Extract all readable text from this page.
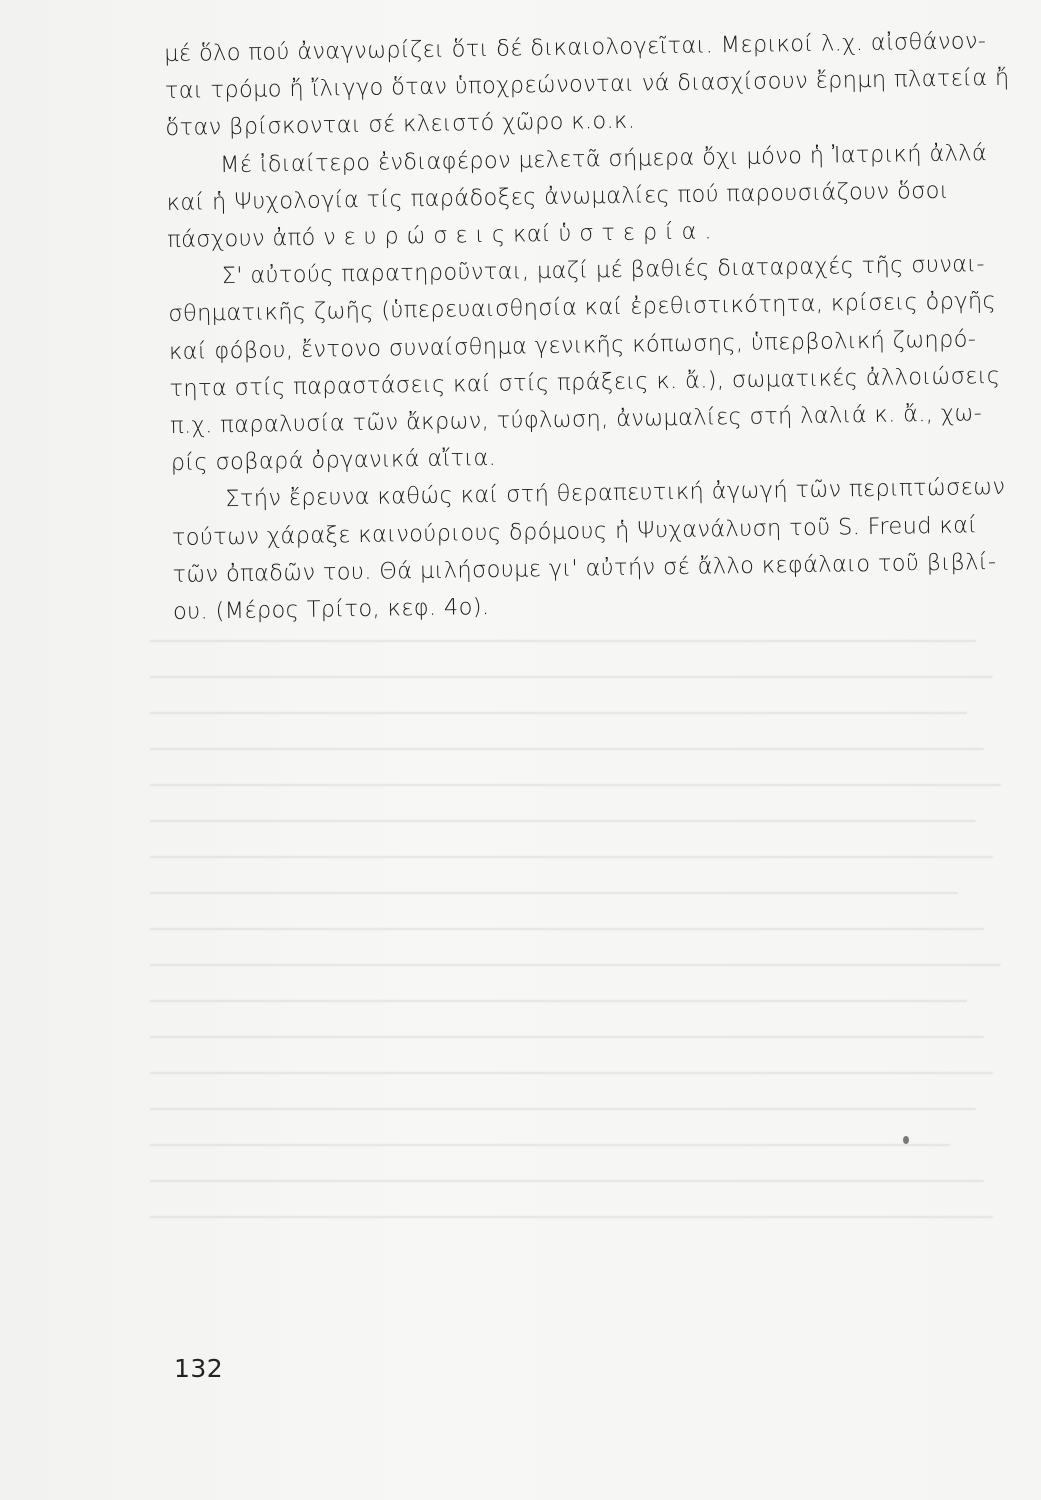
μέ ὅλο πού ἀναγνωρίζει ὅτι δέ δικαιολογεῖται. Μερικοί λ.χ. αἰσθάνον-
ται τρόμο ἤ ἴλιγγο ὅταν ὑποχρεώνονται νά διασχίσουν ἔρημη πλατεία ἤ
ὅταν βρίσκονται σέ κλειστό χῶρο κ.ο.κ.

Μέ ἰδιαίτερο ἐνδιαφέρον μελετᾶ σήμερα ὄχι μόνο ἡ Ἰατρική ἀλλά
καί ἡ Ψυχολογία τίς παράδοξες ἀνωμαλίες πού παρουσιάζουν ὅσοι
πάσχουν ἀπό ν ε υ ρ ώ σ ε ι ς καί ὑ σ τ ε ρ ί α .

Σ' αὐτούς παρατηροῦνται, μαζί μέ βαθιές διαταραχές τῆς συναι-
σθηματικῆς ζωῆς (ὑπερευαισθησία καί ἐρεθιστικότητα, κρίσεις ὀργῆς
καί φόβου, ἔντονο συναίσθημα γενικῆς κόπωσης, ὑπερβολική ζωηρό-
τητα στίς παραστάσεις καί στίς πράξεις κ. ἄ.), σωματικές ἀλλοιώσεις
π.χ. παραλυσία τῶν ἄκρων, τύφλωση, ἀνωμαλίες στή λαλιά κ. ἄ., χω-
ρίς σοβαρά ὀργανικά αἴτια.

Στήν ἔρευνα καθώς καί στή θεραπευτική ἀγωγή τῶν περιπτώσεων
τούτων χάραξε καινούριους δρόμους ἡ Ψυχανάλυση τοῦ S. Freud καί
τῶν ὀπαδῶν του. Θά μιλήσουμε γι' αὐτήν σέ ἄλλο κεφάλαιο τοῦ βιβλί-
ου. (Μέρος Τρίτο, κεφ. 4ο).

132
